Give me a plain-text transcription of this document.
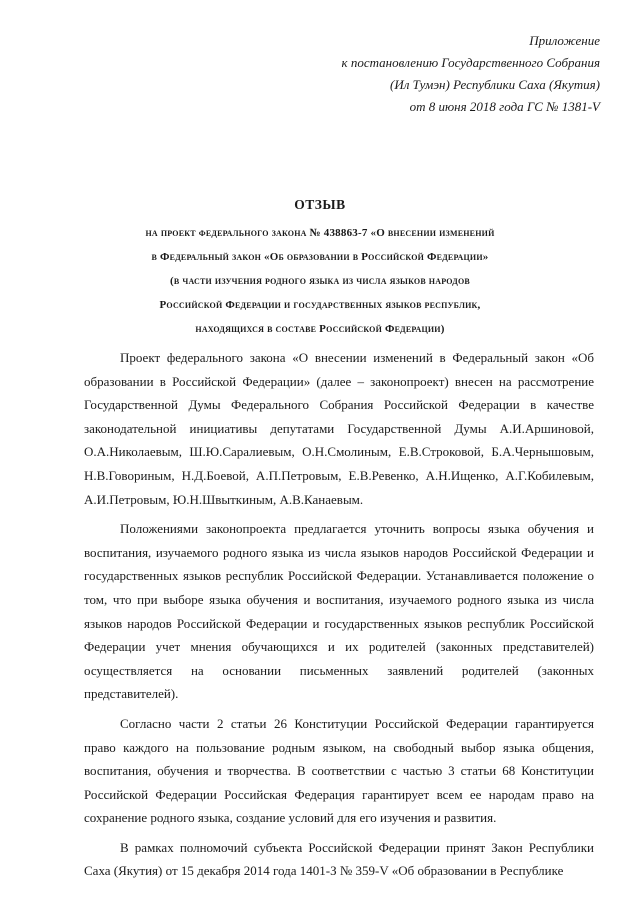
Приложение
к постановлению Государственного Собрания
(Ил Тумэн) Республики Саха (Якутия)
от 8 июня 2018 года ГС № 1381-V
ОТЗЫВ
на проект федерального закона № 438863-7 «О внесении изменений
в Федеральный закон «Об образовании в Российской Федерации»
(в части изучения родного языка из числа языков народов
Российской Федерации и государственных языков республик,
находящихся в составе Российской Федерации)

Проект федерального закона «О внесении изменений в Федеральный закон «Об образовании в Российской Федерации» (далее – законопроект) внесен на рассмотрение Государственной Думы Федерального Собрания Российской Федерации в качестве законодательной инициативы депутатами Государственной Думы А.И.Аршиновой, О.А.Николаевым, Ш.Ю.Саралиевым, О.Н.Смолиным, Е.В.Строковой, Б.А.Чернышовым, Н.В.Говориным, Н.Д.Боевой, А.П.Петровым, Е.В.Ревенко, А.Н.Ищенко, А.Г.Кобилевым, А.И.Петровым, Ю.Н.Швыткиным, А.В.Канаевым.

Положениями законопроекта предлагается уточнить вопросы языка обучения и воспитания, изучаемого родного языка из числа языков народов Российской Федерации и государственных языков республик Российской Федерации. Устанавливается положение о том, что при выборе языка обучения и воспитания, изучаемого родного языка из числа языков народов Российской Федерации и государственных языков республик Российской Федерации учет мнения обучающихся и их родителей (законных представителей) осуществляется на основании письменных заявлений родителей (законных представителей).

Согласно части 2 статьи 26 Конституции Российской Федерации гарантируется право каждого на пользование родным языком, на свободный выбор языка общения, воспитания, обучения и творчества. В соответствии с частью 3 статьи 68 Конституции Российской Федерации Российская Федерация гарантирует всем ее народам право на сохранение родного языка, создание условий для его изучения и развития.

В рамках полномочий субъекта Российской Федерации принят Закон Республики Саха (Якутия) от 15 декабря 2014 года 1401-З № 359-V «Об образовании в Республике
